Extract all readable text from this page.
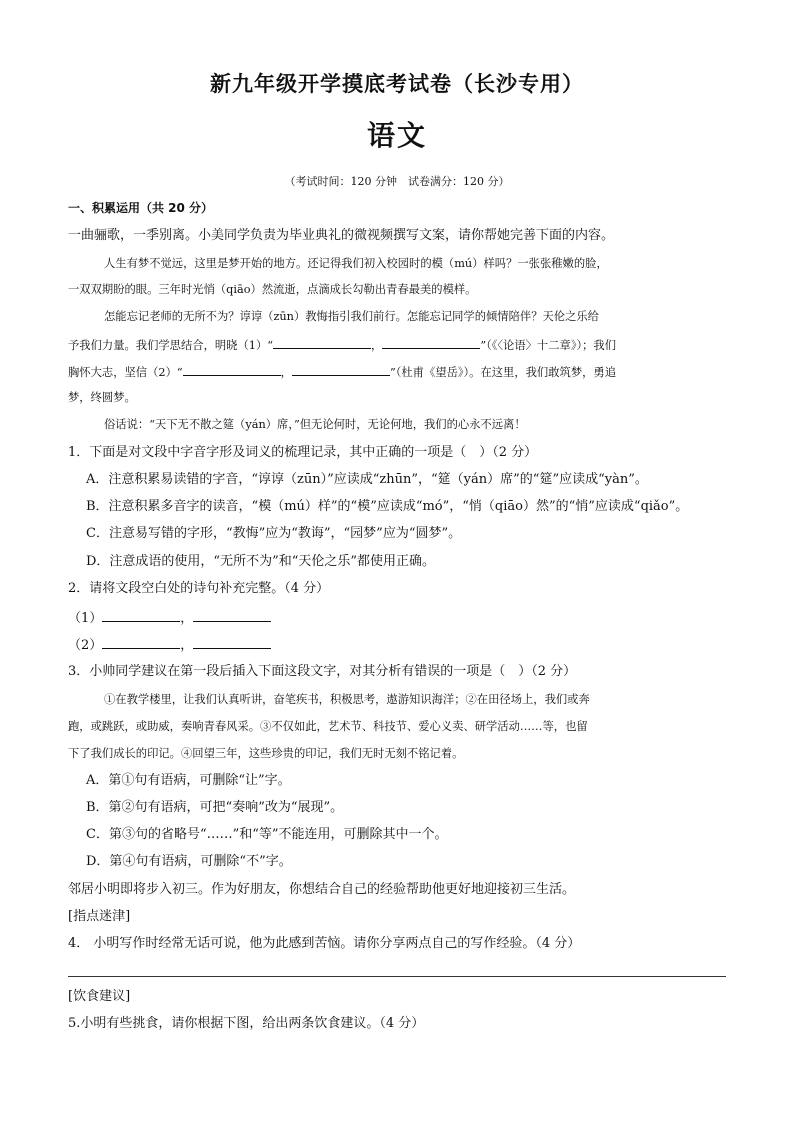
新九年级开学摸底考试卷（长沙专用）
语文
（考试时间：120 分钟　试卷满分：120 分）
一、积累运用（共 20 分）
一曲骊歌，一季别离。小美同学负责为毕业典礼的微视频撰写文案，请你帮她完善下面的内容。
人生有梦不觉远，这里是梦开始的地方。还记得我们初入校园时的模（mú）样吗？一张张稚嫩的脸，
一双双期盼的眼。三年时光悄（qiāo）然流逝，点滴成长勾勒出青春最美的模样。
怎能忘记老师的无所不为？谆谆（zūn）教悔指引我们前行。怎能忘记同学的倾情陪伴？天伦之乐给
予我们力量。我们学思结合，明晓（1）“	，	”（《〈论语〉十二章》）；我们
胸怀大志，坚信（2）“	，	”（杜甫《望岳》）。在这里，我们敢筑梦，勇追
梦，终圆梦。
俗话说：“天下无不散之筵（yán）席，”但无论何时，无论何地，我们的心永不远离！
1．下面是对文段中字音字形及词义的梳理记录，其中正确的一项是（　）（2 分）
A．注意积累易读错的字音，“谆谆（zūn）”应读成“zhūn”，“筵（yán）席”的“筵”应读成“yàn”。
B．注意积累多音字的读音，“模（mú）样”的“模”应读成“mó”，“悄（qiāo）然”的“悄”应读成“qiǎo”。
C．注意易写错的字形，“教悔”应为“教诲”，“园梦”应为“圆梦”。
D．注意成语的使用，“无所不为”和“天伦之乐”都使用正确。
2．请将文段空白处的诗句补充完整。（4 分）
（1）	，
（2）	，
3．小帅同学建议在第一段后插入下面这段文字，对其分析有错误的一项是（　）（2 分）
①在教学楼里，让我们认真听讲，奋笔疾书，积极思考，遨游知识海洋；②在田径场上，我们或奔
跑，或跳跃，或助威，奏响青春风采。③不仅如此，艺术节、科技节、爱心义卖、研学活动……等，也留
下了我们成长的印记。④回望三年，这些珍贵的印记，我们无时无刻不铭记着。
A．第①句有语病，可删除“让”字。
B．第②句有语病，可把“奏响”改为“展现”。
C．第③句的省略号“……”和“等”不能连用，可删除其中一个。
D．第④句有语病，可删除“不”字。
邻居小明即将步入初三。作为好朋友，你想结合自己的经验帮助他更好地迎接初三生活。
[指点迷津]
4． 小明写作时经常无话可说，他为此感到苦恼。请你分享两点自己的写作经验。（4 分）
[饮食建议]
5.小明有些挑食，请你根据下图，给出两条饮食建议。（4 分）
